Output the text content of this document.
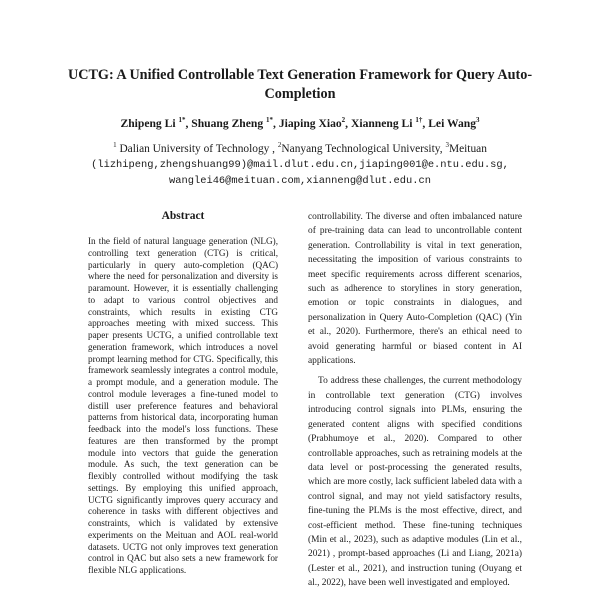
UCTG: A Unified Controllable Text Generation Framework for Query Auto-Completion
Zhipeng Li $^{1*}$, Shuang Zheng $^{1*}$, Jiaping Xiao$^2$, Xianneng Li $^{1\dagger}$, Lei Wang$^3$
$^1$ Dalian University of Technology , $^2$Nanyang Technological University, $^3$Meituan
(lizhipeng,zhengshuang99)@mail.dlut.edu.cn,jiaping001@e.ntu.edu.sg,
wanglei46@meituan.com,xianneng@dlut.edu.cn
Abstract
In the field of natural language generation (NLG), controlling text generation (CTG) is critical, particularly in query auto-completion (QAC) where the need for personalization and diversity is paramount. However, it is essentially challenging to adapt to various control objectives and constraints, which results in existing CTG approaches meeting with mixed success. This paper presents UCTG, a unified controllable text generation framework, which introduces a novel prompt learning method for CTG. Specifically, this framework seamlessly integrates a control module, a prompt module, and a generation module. The control module leverages a fine-tuned model to distill user preference features and behavioral patterns from historical data, incorporating human feedback into the model's loss functions. These features are then transformed by the prompt module into vectors that guide the generation module. As such, the text generation can be flexibly controlled without modifying the task settings. By employing this unified approach, UCTG significantly improves query accuracy and coherence in tasks with different objectives and constraints, which is validated by extensive experiments on the Meituan and AOL real-world datasets. UCTG not only improves text generation control in QAC but also sets a new framework for flexible NLG applications.

controllability. The diverse and often imbalanced nature of pre-training data can lead to uncontrollable content generation. Controllability is vital in text generation, necessitating the imposition of various constraints to meet specific requirements across different scenarios, such as adherence to storylines in story generation, emotion or topic constraints in dialogues, and personalization in Query Auto-Completion (QAC) (Yin et al., 2020). Furthermore, there's an ethical need to avoid generating harmful or biased content in AI applications.

To address these challenges, the current methodology in controllable text generation (CTG) involves introducing control signals into PLMs, ensuring the generated content aligns with specified conditions (Prabhumoye et al., 2020). Compared to other controllable approaches, such as retraining models at the data level or post-processing the generated results, which are more costly, lack sufficient labeled data with a control signal, and may not yield satisfactory results, fine-tuning the PLMs is the most effective, direct, and cost-efficient method. These fine-tuning techniques (Min et al., 2023), such as adaptive modules (Lin et al., 2021) , prompt-based approaches (Li and Liang, 2021a) (Lester et al., 2021), and instruction tuning (Ouyang et al., 2022), have been well investigated and employed.
